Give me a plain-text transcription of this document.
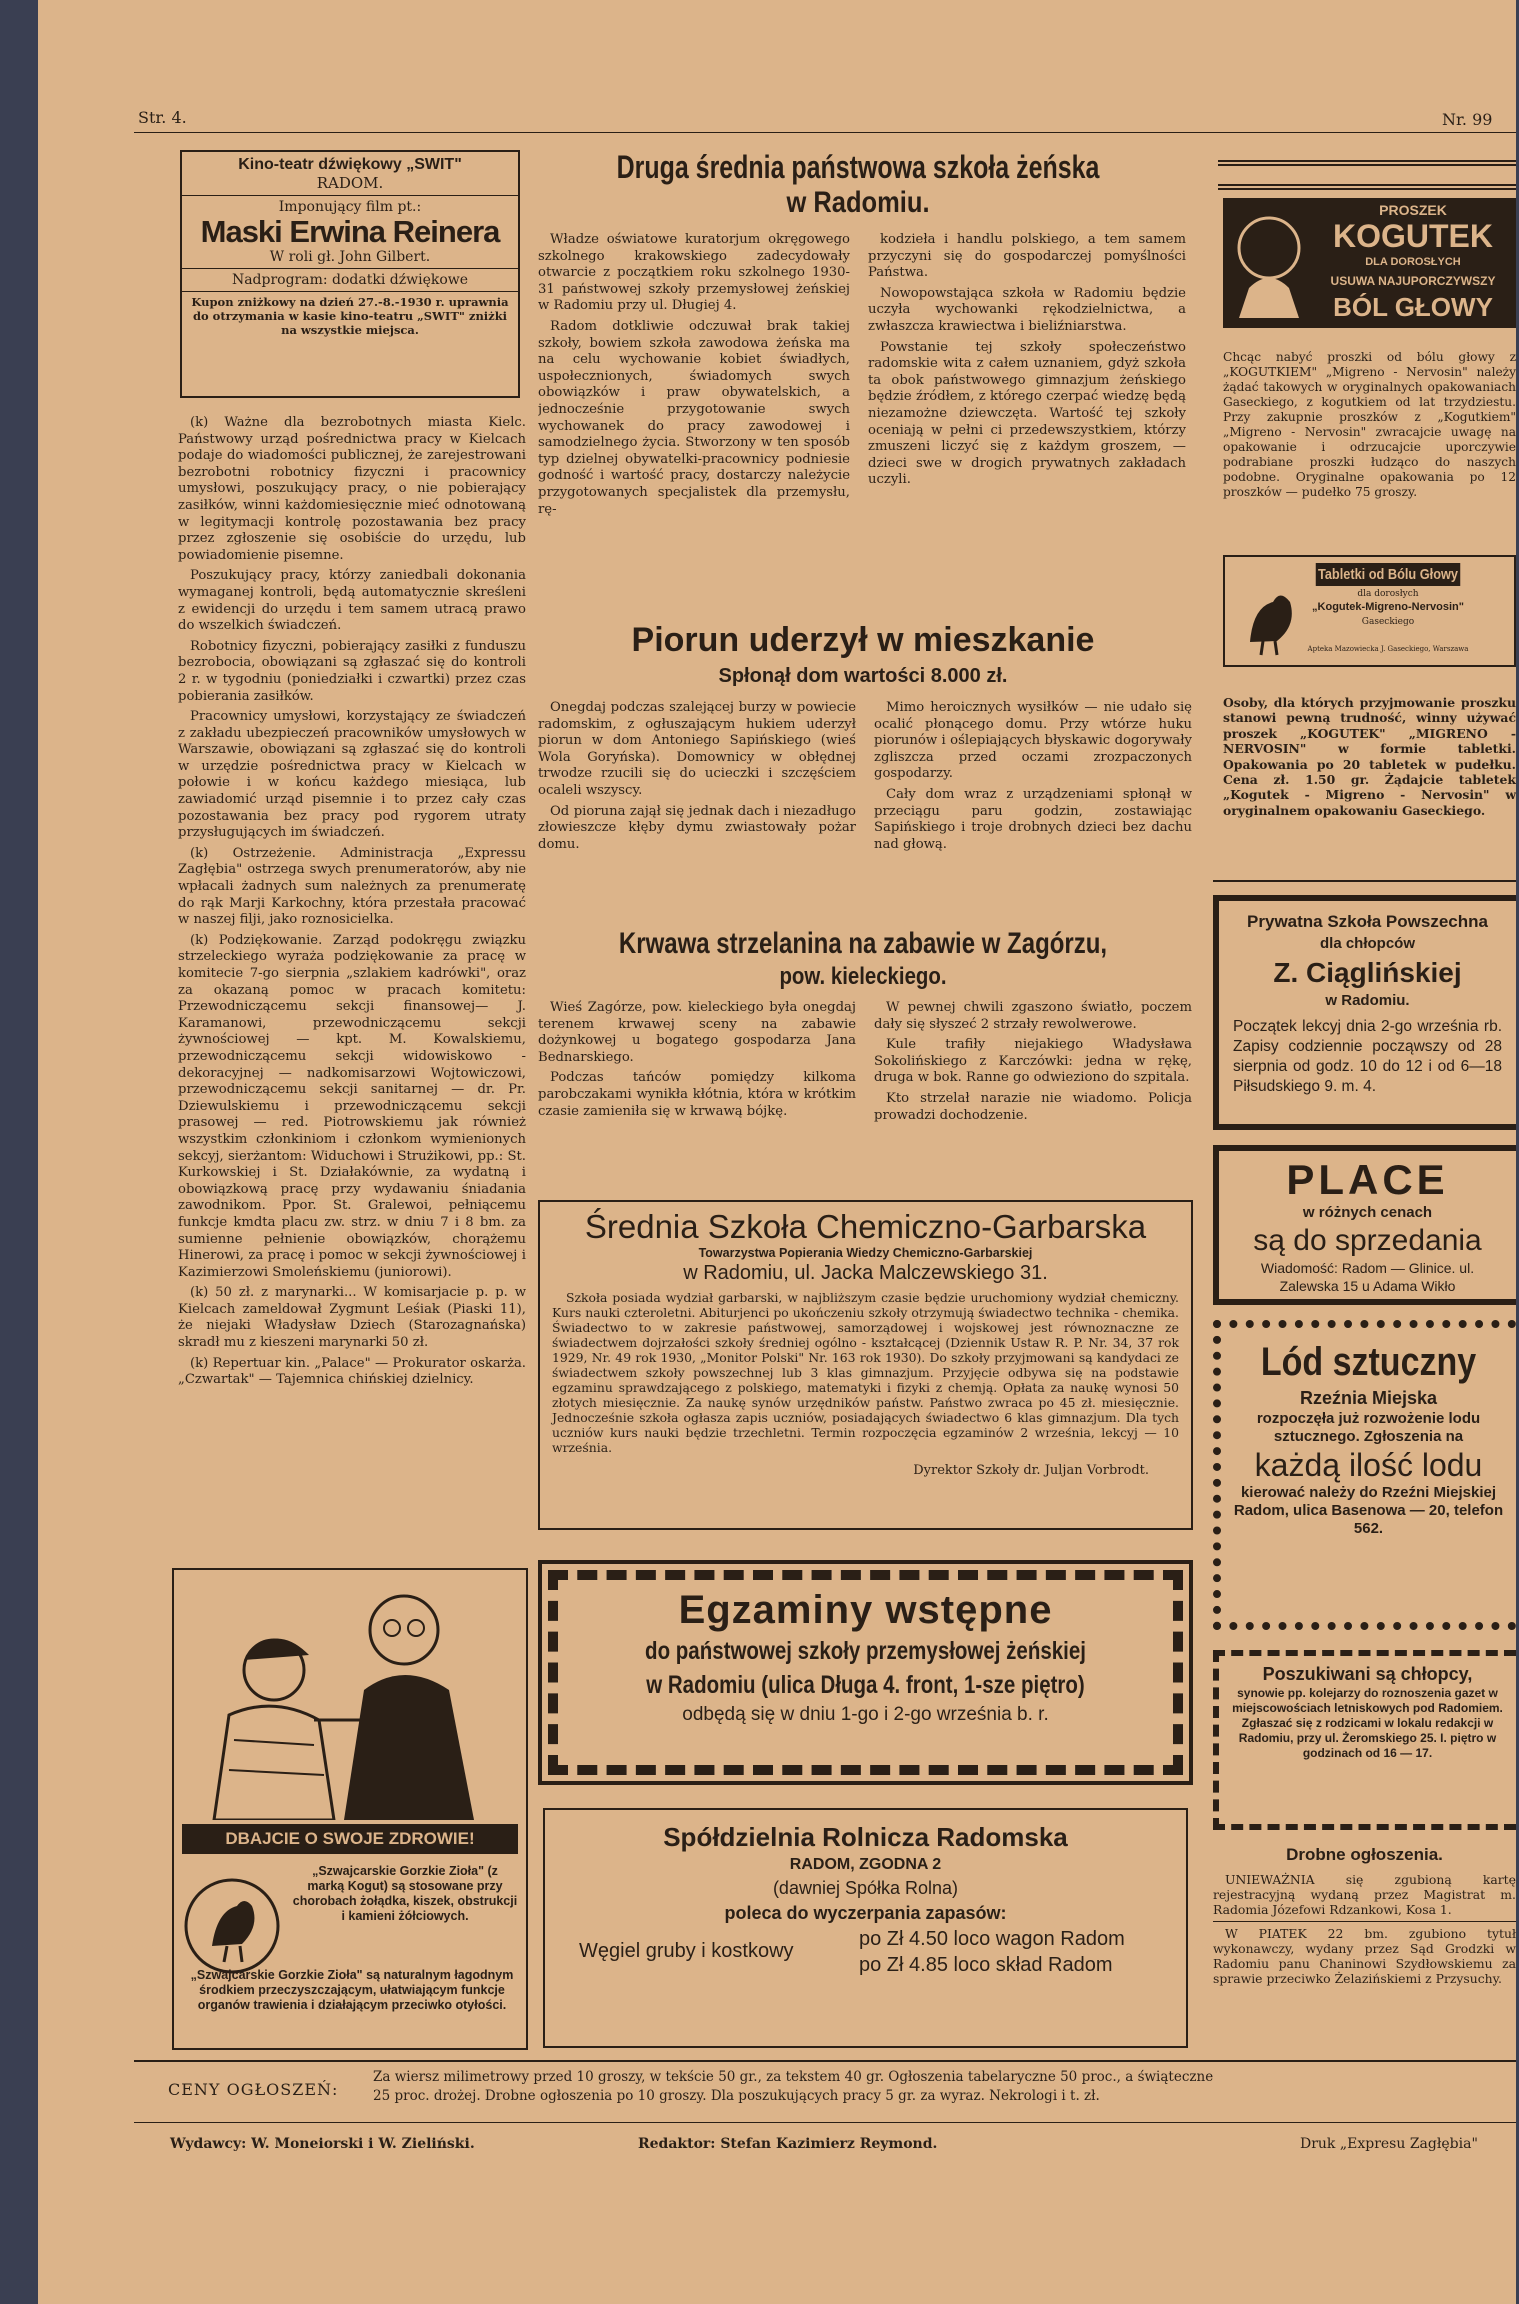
Str. 4.	Nr. 99
Kino-teatr dźwiękowy „SWIT"
RADOM.
Imponujący film pt.:
Maski Erwina Reinera
W roli gł. John Gilbert.
Nadprogram: dodatki dźwiękowe
Kupon zniżkowy na dzień 27.-8.-1930 r. uprawnia do otrzymania w kasie kino-teatru „SWIT" zniżki na wszystkie miejsca.

(k) Ważne dla bezrobotnych miasta Kielc. Państwowy urząd pośrednictwa pracy w Kielcach podaje do wiadomości publicznej, że zarejestrowani bezrobotni robotnicy fizyczni i pracownicy umysłowi, poszukujący pracy, o nie pobierający zasiłków, winni każdomiesięcznie mieć odnotowaną w legitymacji kontrolę pozostawania bez pracy przez zgłoszenie się osobiście do urzędu, lub powiadomienie pisemne.

Poszukujący pracy, którzy zaniedbali dokonania wymaganej kontroli, będą automatycznie skreśleni z ewidencji do urzędu i tem samem utracą prawo do wszelkich świadczeń.

Robotnicy fizyczni, pobierający zasiłki z funduszu bezrobocia, obowiązani są zgłaszać się do kontroli 2 r. w tygodniu (poniedziałki i czwartki) przez czas pobierania zasiłków.

Pracownicy umysłowi, korzystający ze świadczeń z zakładu ubezpieczeń pracowników umysłowych w Warszawie, obowiązani są zgłaszać się do kontroli w urzędzie pośrednictwa pracy w Kielcach w połowie i w końcu każdego miesiąca, lub zawiadomić urząd pisemnie i to przez cały czas pozostawania bez pracy pod rygorem utraty przysługujących im świadczeń.

(k) Ostrzeżenie. Administracja „Expressu Zagłębia" ostrzega swych prenumeratorów, aby nie wpłacali żadnych sum należnych za prenumeratę do rąk Marji Karkochny, która przestała pracować w naszej filji, jako roznosicielka.

(k) Podziękowanie. Zarząd podokręgu związku strzeleckiego wyraża podziękowanie za pracę w komitecie 7-go sierpnia „szlakiem kadrówki", oraz za okazaną pomoc w pracach komitetu: Przewodniczącemu sekcji finansowej— J. Karamanowi, przewodniczącemu sekcji żywnościowej — kpt. M. Kowalskiemu, przewodniczącemu sekcji widowiskowo - dekoracyjnej — nadkomisarzowi Wojtowiczowi, przewodniczącemu sekcji sanitarnej — dr. Pr. Dziewulskiemu i przewodniczącemu sekcji prasowej — red. Piotrowskiemu jak również wszystkim członkiniom i członkom wymienionych sekcyj, sierżantom: Widuchowi i Strużikowi, pp.: St. Kurkowskiej i St. Działakównie, za wydatną i obowiązkową pracę przy wydawaniu śniadania zawodnikom. Ppor. St. Gralewoi, pełniącemu funkcje kmdta placu zw. strz. w dniu 7 i 8 bm. za sumienne pełnienie obowiązków, chorążemu Hinerowi, za pracę i pomoc w sekcji żywnościowej i Kazimierzowi Smoleńskiemu (juniorowi).

(k) 50 zł. z marynarki... W komisarjacie p. p. w Kielcach zameldował Zygmunt Leśiak (Piaski 11), że niejaki Władysław Dziech (Starozagnańska) skradł mu z kieszeni marynarki 50 zł.

(k) Repertuar kin. „Palace" — Prokurator oskarża. „Czwartak" — Tajemnica chińskiej dzielnicy.

DBAJCIE O SWOJE ZDROWIE!
„Szwajcarskie Gorzkie Zioła" (z marką Kogut) są stosowane przy chorobach żołądka, kiszek, obstrukcji i kamieni żółciowych.
„Szwajcarskie Gorzkie Zioła" są naturalnym łagodnym środkiem przeczyszczającym, ułatwiającym funkcje organów trawienia i działającym przeciwko otyłości.
Druga średnia państwowa szkoła żeńska
w Radomiu.

Władze oświatowe kuratorjum okręgowego szkolnego krakowskiego zadecydowały otwarcie z początkiem roku szkolnego 1930- 31 państwowej szkoły przemysłowej żeńskiej w Radomiu przy ul. Długiej 4.

Radom dotkliwie odczuwał brak takiej szkoły, bowiem szkoła zawodowa żeńska ma na celu wychowanie kobiet świadłych, uspołecznionych, świadomych swych obowiązków i praw obywatelskich, a jednocześnie przygotowanie swych wychowanek do pracy zawodowej i samodzielnego życia. Stworzony w ten sposób typ dzielnej obywatelki-pracownicy podniesie godność i wartość pracy, dostarczy należycie przygotowanych specjalistek dla przemysłu, rę-

kodzieła i handlu polskiego, a tem samem przyczyni się do gospodarczej pomyślności Państwa.

Nowopowstająca szkoła w Radomiu będzie uczyła wychowanki rękodzielnictwa, a zwłaszcza krawiectwa i bieliźniarstwa.

Powstanie tej szkoły społeczeństwo radomskie wita z całem uznaniem, gdyż szkoła ta obok państwowego gimnazjum żeńskiego będzie źródłem, z którego czerpać wiedzę będą niezamożne dziewczęta. Wartość tej szkoły oceniają w pełni ci przedewszystkiem, którzy zmuszeni liczyć się z każdym groszem, — dzieci swe w drogich prywatnych zakładach uczyli.

Piorun uderzył w mieszkanie
Spłonął dom wartości 8.000 zł.

Onegdaj podczas szalejącej burzy w powiecie radomskim, z ogłuszającym hukiem uderzył piorun w dom Antoniego Sapińskiego (wieś Wola Goryńska). Domownicy w obłędnej trwodze rzucili się do ucieczki i szczęściem ocaleli wszyscy.

Od pioruna zajął się jednak dach i niezadługo złowieszcze kłęby dymu zwiastowały pożar domu.

Mimo heroicznych wysiłków — nie udało się ocalić płonącego domu. Przy wtórze huku piorunów i oślepiających błyskawic dogorywały zgliszcza przed oczami zrozpaczonych gospodarzy.

Cały dom wraz z urządzeniami spłonął w przeciągu paru godzin, zostawiając Sapińskiego i troje drobnych dzieci bez dachu nad głową.

Krwawa strzelanina na zabawie w Zagórzu,
pow. kieleckiego.

Wieś Zagórze, pow. kieleckiego była onegdaj terenem krwawej sceny na zabawie dożynkowej u bogatego gospodarza Jana Bednarskiego.

Podczas tańców pomiędzy kilkoma parobczakami wynikła kłótnia, która w krótkim czasie zamieniła się w krwawą bójkę.

W pewnej chwili zgaszono światło, poczem dały się słyszeć 2 strzały rewolwerowe.

Kule trafiły niejakiego Władysława Sokolińskiego z Karczówki: jedna w rękę, druga w bok. Ranne go odwieziono do szpitala.

Kto strzelał narazie nie wiadomo. Policja prowadzi dochodzenie.

Średnia Szkoła Chemiczno-Garbarska
Towarzystwa Popierania Wiedzy Chemiczno-Garbarskiej
w Radomiu, ul. Jacka Malczewskiego 31.
Szkoła posiada wydział garbarski, w najbliższym czasie będzie uruchomiony wydział chemiczny. Kurs nauki czteroletni. Abiturjenci po ukończeniu szkoły otrzymują świadectwo technika - chemika. Świadectwo to w zakresie państwowej, samorządowej i wojskowej jest równoznaczne ze świadectwem dojrzałości szkoły średniej ogólno - kształcącej (Dziennik Ustaw R. P. Nr. 34, 37 rok 1929, Nr. 49 rok 1930, „Monitor Polski" Nr. 163 rok 1930). Do szkoły przyjmowani są kandydaci ze świadectwem szkoły powszechnej lub 3 klas gimnazjum. Przyjęcie odbywa się na podstawie egzaminu sprawdzającego z polskiego, matematyki i fizyki z chemją. Opłata za naukę wynosi 50 złotych miesięcznie. Za naukę synów urzędników państw. Państwo zwraca po 45 zł. miesięcznie. Jednocześnie szkoła ogłasza zapis uczniów, posiadających świadectwo 6 klas gimnazjum. Dla tych uczniów kurs nauki będzie trzechletni. Termin rozpoczęcia egzaminów 2 września, lekcyj — 10 września.
Dyrektor Szkoły dr. Juljan Vorbrodt.
Egzaminy wstępne
do państwowej szkoły przemysłowej żeńskiej
w Radomiu (ulica Długa 4. front, 1-sze piętro)
odbędą się w dniu 1-go i 2-go września b. r.
Spółdzielnia Rolnicza Radomska
RADOM, ZGODNA 2
(dawniej Spółka Rolna)
poleca do wyczerpania zapasów:
Węgiel gruby i kostkowy
po Zł 4.50 loco wagon Radom
po Zł 4.85 loco skład Radom
PROSZEK
KOGUTEK
DLA DOROSŁYCH
USUWA NAJUPORCZYWSZY
BÓL GŁOWY
Chcąc nabyć proszki od bólu głowy z „KOGUTKIEM" „Migreno - Nervosin" należy żądać takowych w oryginalnych opakowaniach Gaseckiego, z kogutkiem od lat trzydziestu. Przy zakupnie proszków z „Kogutkiem" „Migreno - Nervosin" zwracajcie uwagę na opakowanie i odrzucajcie uporczywie podrabiane proszki łudząco do naszych podobne. Oryginalne opakowania po 12 proszków — pudełko 75 groszy.
Tabletki od Bólu Głowy
dla dorosłych
„Kogutek-Migreno-Nervosin"
Gaseckiego
Apteka Mazowiecka J. Gaseckiego, Warszawa
Osoby, dla których przyjmowanie proszku stanowi pewną trudność, winny używać proszek „KOGUTEK" „MIGRENO - NERVOSIN" w formie tabletki. Opakowania po 20 tabletek w pudełku. Cena zł. 1.50 gr. Żądajcie tabletek „Kogutek - Migreno - Nervosin" w oryginalnem opakowaniu Gaseckiego.
Prywatna Szkoła Powszechna
dla chłopców
Z. Ciąglińskiej
w Radomiu.
Początek lekcyj dnia 2-go września rb. Zapisy codziennie począwszy od 28 sierpnia od godz. 10 do 12 i od 6—18 Piłsudskiego 9. m. 4.
PLACE
w różnych cenach
są do sprzedania
Wiadomość: Radom — Glinice. ul. Zalewska 15 u Adama Wikło
Lód sztuczny
Rzeźnia Miejska
rozpoczęła już rozwożenie lodu sztucznego. Zgłoszenia na
każdą ilość lodu
kierować należy do Rzeźni Miejskiej Radom, ulica Basenowa — 20, telefon 562.
Poszukiwani są chłopcy,
synowie pp. kolejarzy do roznoszenia gazet w miejscowościach letniskowych pod Radomiem. Zgłaszać się z rodzicami w lokalu redakcji w Radomiu, przy ul. Żeromskiego 25. I. piętro w godzinach od 16 — 17.
Drobne ogłoszenia.

UNIEWAŻNIA się zgubioną kartę rejestracyjną wydaną przez Magistrat m. Radomia Józefowi Rdzankowi, Kosa 1.

W PIATEK 22 bm. zgubiono tytuł wykonawczy, wydany przez Sąd Grodzki w Radomiu panu Chaninowi Szydłowskiemu za sprawie przeciwko Żelazińskiemi z Przysuchy.

CENY OGŁOSZEŃ:
Za wiersz milimetrowy przed 10 groszy, w tekście 50 gr., za tekstem 40 gr. Ogłoszenia tabelaryczne 50 proc., a świąteczne
25 proc. drożej. Drobne ogłoszenia po 10 groszy. Dla poszukujących pracy 5 gr. za wyraz. Nekrologi i t. zł.
Wydawcy: W. Moneiorski i W. Zieliński.	Redaktor: Stefan Kazimierz Reymond.	Druk „Expresu Zagłębia"
